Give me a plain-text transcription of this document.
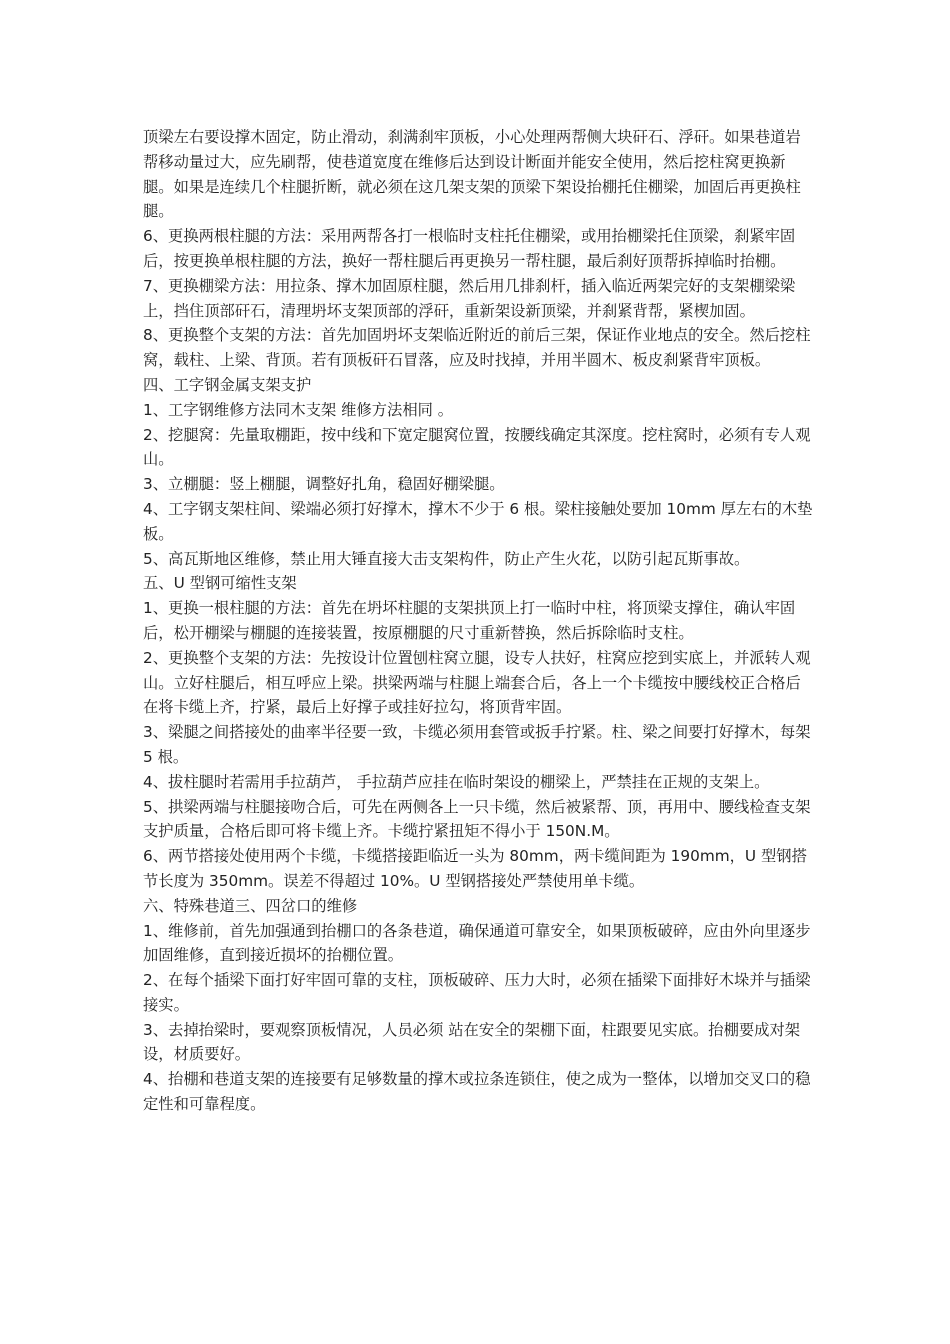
顶梁左右要设撑木固定，防止滑动，刹满刹牢顶板，小心处理两帮侧大块矸石、浮矸。如果巷道岩帮移动量过大，应先刷帮，使巷道宽度在维修后达到设计断面并能安全使用，然后挖柱窝更换新腿。如果是连续几个柱腿折断，就必须在这几架支架的顶梁下架设抬棚托住棚梁，加固后再更换柱腿。

6、更换两根柱腿的方法：采用两帮各打一根临时支柱托住棚梁，或用抬棚梁托住顶梁，刹紧牢固后，按更换单根柱腿的方法，换好一帮柱腿后再更换另一帮柱腿，最后刹好顶帮拆掉临时抬棚。

7、更换棚梁方法：用拉条、撑木加固原柱腿，然后用几排刹杆，插入临近两架完好的支架棚梁梁上，挡住顶部矸石，清理坍坏支架顶部的浮矸，重新架设新顶梁，并刹紧背帮，紧楔加固。

8、更换整个支架的方法：首先加固坍坏支架临近附近的前后三架，保证作业地点的安全。然后挖柱窝，载柱、上梁、背顶。若有顶板矸石冒落，应及时找掉，并用半圆木、板皮刹紧背牢顶板。

四、工字钢金属支架支护

1、工字钢维修方法同木支架 维修方法相同 。

2、挖腿窝：先量取棚距，按中线和下宽定腿窝位置，按腰线确定其深度。挖柱窝时，必须有专人观山。

3、立棚腿：竖上棚腿，调整好扎角，稳固好棚梁腿。

4、工字钢支架柱间、梁端必须打好撑木，撑木不少于 6 根。梁柱接触处要加 10mm 厚左右的木垫板。

5、高瓦斯地区维修，禁止用大锤直接大击支架构件，防止产生火花，以防引起瓦斯事故。

五、U 型钢可缩性支架

1、更换一根柱腿的方法：首先在坍坏柱腿的支架拱顶上打一临时中柱，将顶梁支撑住，确认牢固后，松开棚梁与棚腿的连接装置，按原棚腿的尺寸重新替换，然后拆除临时支柱。

2、更换整个支架的方法：先按设计位置刨柱窝立腿，设专人扶好，柱窝应挖到实底上，并派转人观山。立好柱腿后，相互呼应上梁。拱梁两端与柱腿上端套合后，各上一个卡缆按中腰线校正合格后在将卡缆上齐，拧紧，最后上好撑子或挂好拉勾，将顶背牢固。

3、梁腿之间搭接处的曲率半径要一致，卡缆必须用套管或扳手拧紧。柱、梁之间要打好撑木，每架 5 根。

4、拔柱腿时若需用手拉葫芦， 手拉葫芦应挂在临时架设的棚梁上，严禁挂在正规的支架上。

5、拱梁两端与柱腿接吻合后，可先在两侧各上一只卡缆，然后被紧帮、顶，再用中、腰线检查支架支护质量，合格后即可将卡缆上齐。卡缆拧紧扭矩不得小于 150N.M。

6、两节搭接处使用两个卡缆，卡缆搭接距临近一头为 80mm，两卡缆间距为 190mm，U 型钢搭节长度为 350mm。误差不得超过 10%。U 型钢搭接处严禁使用单卡缆。

六、特殊巷道三、四岔口的维修

1、维修前，首先加强通到抬棚口的各条巷道，确保通道可靠安全，如果顶板破碎，应由外向里逐步加固维修，直到接近损坏的抬棚位置。

2、在每个插梁下面打好牢固可靠的支柱，顶板破碎、压力大时，必须在插梁下面排好木垛并与插梁接实。

3、去掉抬梁时，要观察顶板情况，人员必须 站在安全的架棚下面，柱跟要见实底。抬棚要成对架设，材质要好。

4、抬棚和巷道支架的连接要有足够数量的撑木或拉条连锁住，使之成为一整体，以增加交叉口的稳定性和可靠程度。
